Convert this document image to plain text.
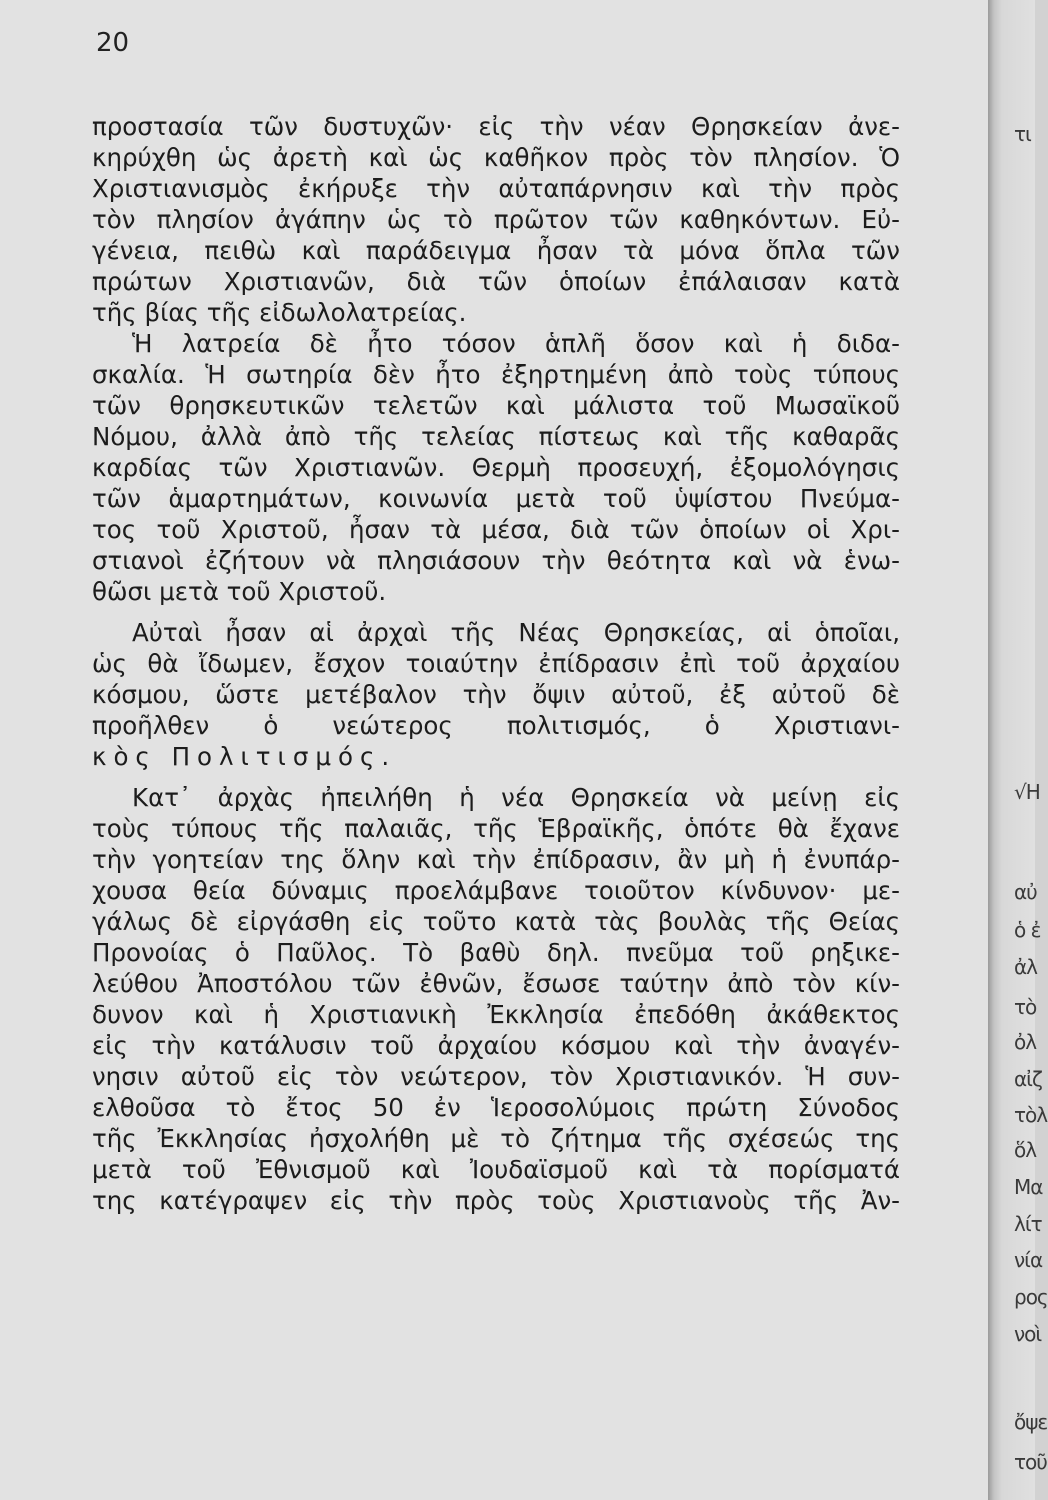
20
προστασία τῶν δυστυχῶν· εἰς τὴν νέαν Θρησκείαν ἀνε-
κηρύχθη ὡς ἀρετὴ καὶ ὡς καθῆκον πρὸς τὸν πλησίον. Ὁ
Χριστιανισμὸς ἐκήρυξε τὴν αὐταπάρνησιν καὶ τὴν πρὸς
τὸν πλησίον ἀγάπην ὡς τὸ πρῶτον τῶν καθηκόντων. Εὐ-
γένεια, πειθὼ καὶ παράδειγμα ἦσαν τὰ μόνα ὅπλα τῶν
πρώτων Χριστιανῶν, διὰ τῶν ὁποίων ἐπάλαισαν κατὰ
τῆς βίας τῆς εἰδωλολατρείας.
Ἡ λατρεία δὲ ἦτο τόσον ἁπλῆ ὅσον καὶ ἡ διδα-
σκαλία. Ἡ σωτηρία δὲν ἦτο ἐξηρτημένη ἀπὸ τοὺς τύπους
τῶν θρησκευτικῶν τελετῶν καὶ μάλιστα τοῦ Μωσαϊκοῦ
Νόμου, ἀλλὰ ἀπὸ τῆς τελείας πίστεως καὶ τῆς καθαρᾶς
καρδίας τῶν Χριστιανῶν. Θερμὴ προσευχή, ἐξομολόγησις
τῶν ἁμαρτημάτων, κοινωνία μετὰ τοῦ ὑψίστου Πνεύμα-
τος τοῦ Χριστοῦ, ἦσαν τὰ μέσα, διὰ τῶν ὁποίων οἱ Χρι-
στιανοὶ ἐζήτουν νὰ πλησιάσουν τὴν θεότητα καὶ νὰ ἑνω-
θῶσι μετὰ τοῦ Χριστοῦ.
Αὐταὶ ἦσαν αἱ ἀρχαὶ τῆς Νέας Θρησκείας, αἱ ὁποῖαι,
ὡς θὰ ἴδωμεν, ἔσχον τοιαύτην ἐπίδρασιν ἐπὶ τοῦ ἀρχαίου
κόσμου, ὥστε μετέβαλον τὴν ὄψιν αὐτοῦ, ἐξ αὐτοῦ δὲ
προῆλθεν ὁ νεώτερος πολιτισμός, ὁ Χριστιανι-
κὸς Πολιτισμός.
Κατ᾽ ἀρχὰς ἠπειλήθη ἡ νέα Θρησκεία νὰ μείνῃ εἰς
τοὺς τύπους τῆς παλαιᾶς, τῆς Ἑβραϊκῆς, ὁπότε θὰ ἔχανε
τὴν γοητείαν της ὅλην καὶ τὴν ἐπίδρασιν, ἂν μὴ ἡ ἐνυπάρ-
χουσα θεία δύναμις προελάμβανε τοιοῦτον κίνδυνον· με-
γάλως δὲ εἰργάσθη εἰς τοῦτο κατὰ τὰς βουλὰς τῆς Θείας
Προνοίας ὁ Παῦλος. Τὸ βαθὺ δηλ. πνεῦμα τοῦ ρηξικε-
λεύθου Ἀποστόλου τῶν ἐθνῶν, ἔσωσε ταύτην ἀπὸ τὸν κίν-
δυνον καὶ ἡ Χριστιανικὴ Ἐκκλησία ἐπεδόθη ἀκάθεκτος
εἰς τὴν κατάλυσιν τοῦ ἀρχαίου κόσμου καὶ τὴν ἀναγέν-
νησιν αὐτοῦ εἰς τὸν νεώτερον, τὸν Χριστιανικόν. Ἡ συν-
ελθοῦσα τὸ ἔτος 50 ἐν Ἱεροσολύμοις πρώτη Σύνοδος
τῆς Ἐκκλησίας ἠσχολήθη μὲ τὸ ζήτημα τῆς σχέσεώς της
μετὰ τοῦ Ἐθνισμοῦ καὶ Ἰουδαϊσμοῦ καὶ τὰ πορίσματά
της κατέγραψεν εἰς τὴν πρὸς τοὺς Χριστιανοὺς τῆς Ἀν-
τι
√Η
αὐ
ὁ ἐ
ἀλ
τὸ
ὀλ
αἰζ
τὸλ
ὅλ
Μα
λίτ
νία
ρος
νοὶ
ὄψε
τοῦ
